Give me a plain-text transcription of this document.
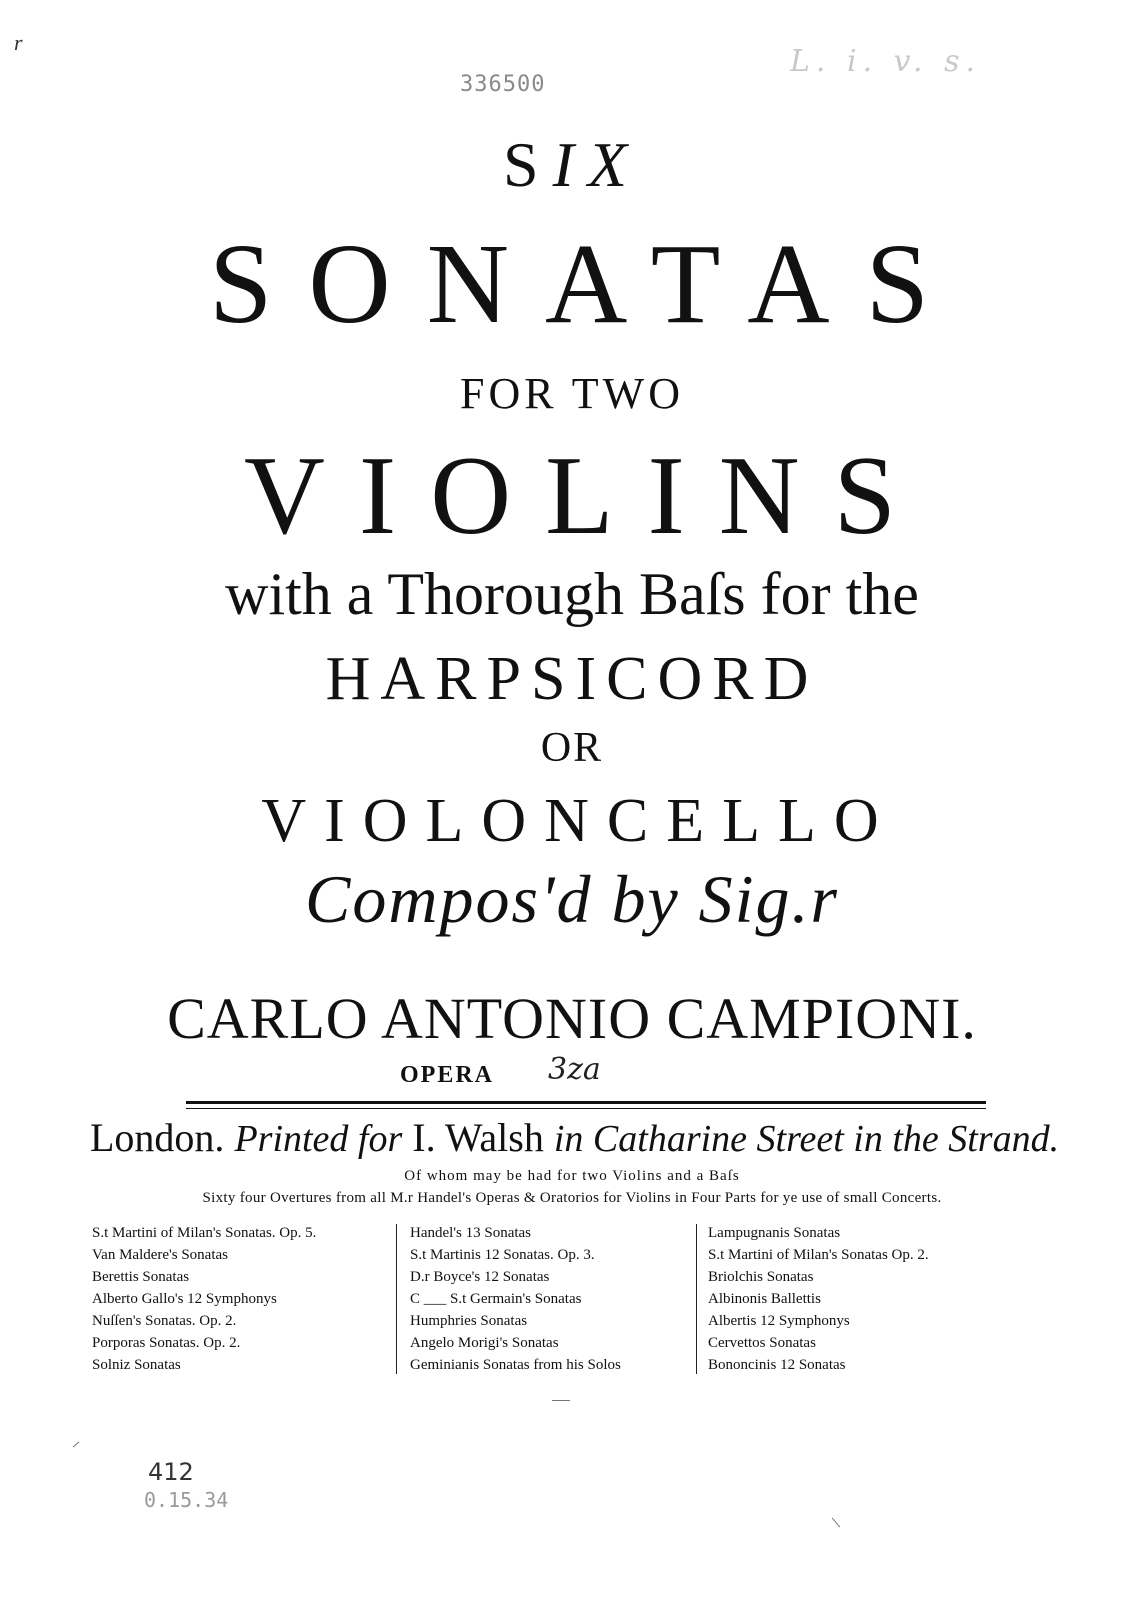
r
336500
L. i. v. s.
SIX
SONATAS
FOR TWO
VIOLINS
with a Thorough Baſs for the
HARPSICORD
OR
VIOLONCELLO
Compos'd by Sig.r
CARLO ANTONIO CAMPIONI.
OPERA 3za
London. Printed for I. Walsh in Catharine Street in the Strand.
Of whom may be had for two Violins and a Baſs
Sixty four Overtures from all M.r Handel's Operas & Oratorios for Violins in Four Parts for ye use of small Concerts.
S.t Martini of Milan's Sonatas. Op. 5.
Van Maldere's Sonatas
Berettis Sonatas
Alberto Gallo's 12 Symphonys
Nuſſen's Sonatas. Op. 2.
Porporas Sonatas. Op. 2.
Solniz Sonatas
Handel's 13 Sonatas
S.t Martinis 12 Sonatas. Op. 3.
D.r Boyce's 12 Sonatas
C ___ S.t Germain's Sonatas
Humphries Sonatas
Angelo Morigi's Sonatas
Geminianis Sonatas from his Solos
Lampugnanis Sonatas
S.t Martini of Milan's Sonatas Op. 2.
Briolchis Sonatas
Albinonis Ballettis
Albertis 12 Symphonys
Cervettos Sonatas
Bononcinis 12 Sonatas
412
0.15.34
